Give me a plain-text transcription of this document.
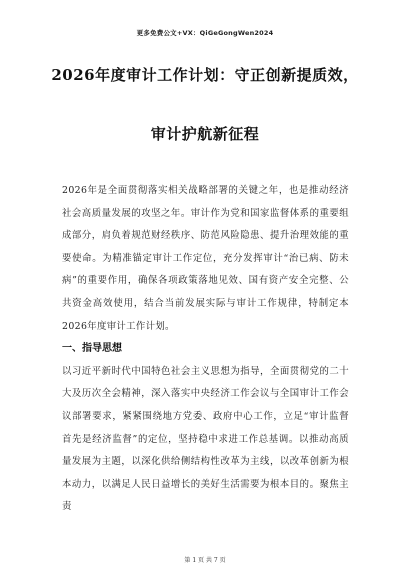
更多免费公文+VX：QiGeGongWen2024
2026年度审计工作计划：守正创新提质效，
审计护航新征程

2026年是全面贯彻落实相关战略部署的关键之年，也是推动经济社会高质量发展的攻坚之年。审计作为党和国家监督体系的重要组成部分，肩负着规范财经秩序、防范风险隐患、提升治理效能的重要使命。为精准锚定审计工作定位，充分发挥审计“治已病、防未病”的重要作用，确保各项政策落地见效、国有资产安全完整、公共资金高效使用，结合当前发展实际与审计工作规律，特制定本2026年度审计工作计划。

一、指导思想

以习近平新时代中国特色社会主义思想为指导，全面贯彻党的二十大及历次全会精神，深入落实中央经济工作会议与全国审计工作会议部署要求，紧紧围绕地方党委、政府中心工作，立足“审计监督首先是经济监督”的定位，坚持稳中求进工作总基调。以推动高质量发展为主题，以深化供给侧结构性改革为主线，以改革创新为根本动力，以满足人民日益增长的美好生活需要为根本目的。聚焦主责

第 1 页 共 7 页
